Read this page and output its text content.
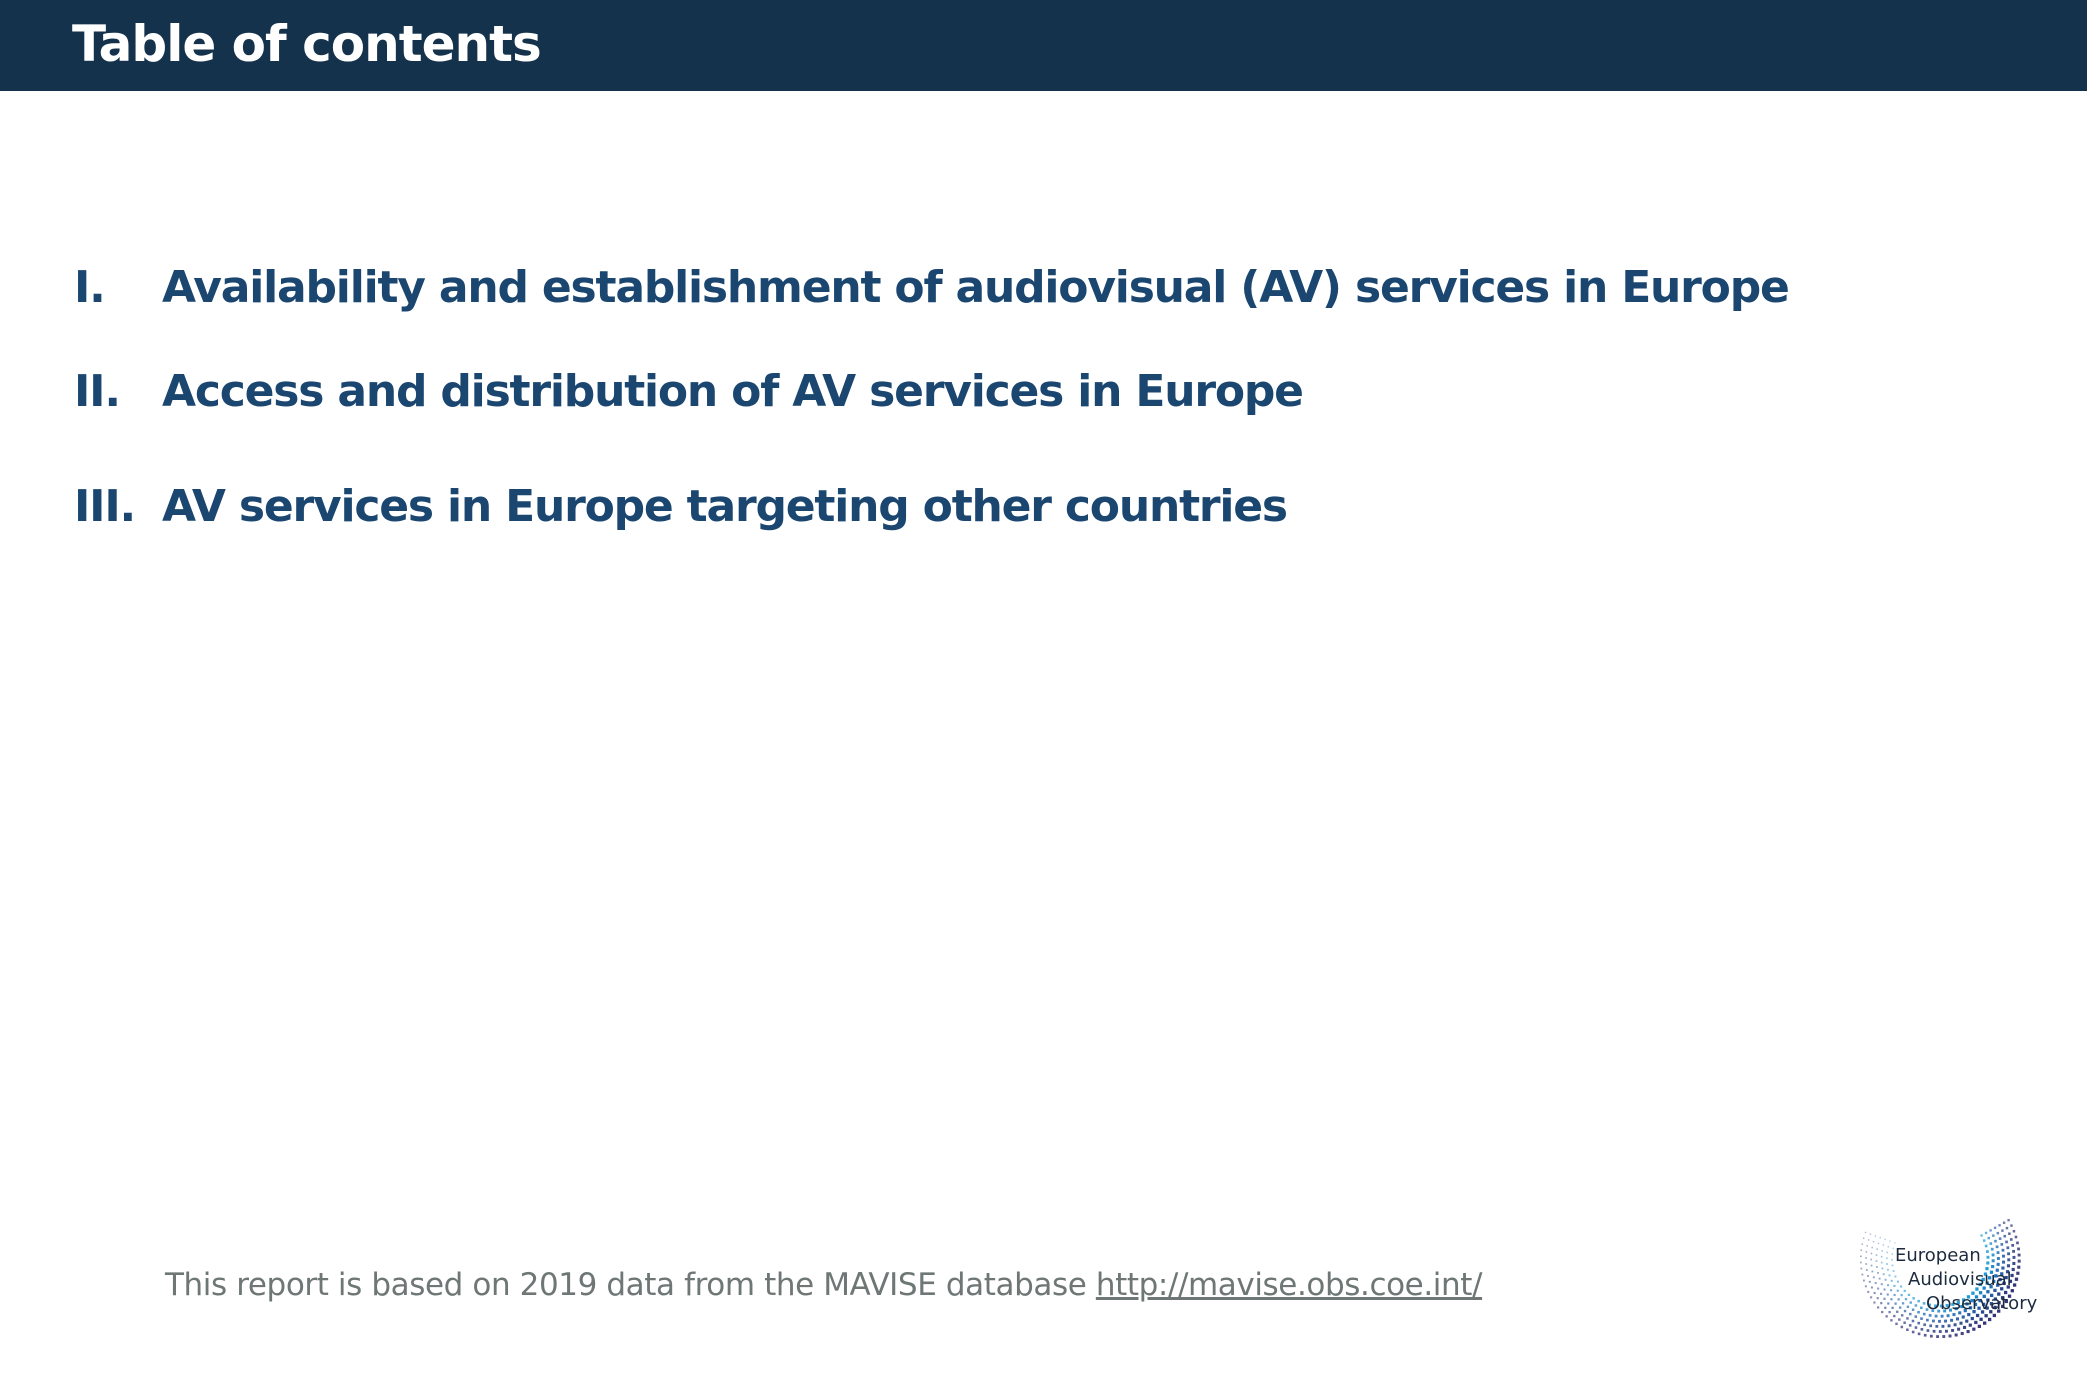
Table of contents
I. Availability and establishment of audiovisual (AV) services in Europe
II. Access and distribution of AV services in Europe
III. AV services in Europe targeting other countries
This report is based on 2019 data from the MAVISE database http://mavise.obs.coe.int/
European
Audiovisual
Observatory
